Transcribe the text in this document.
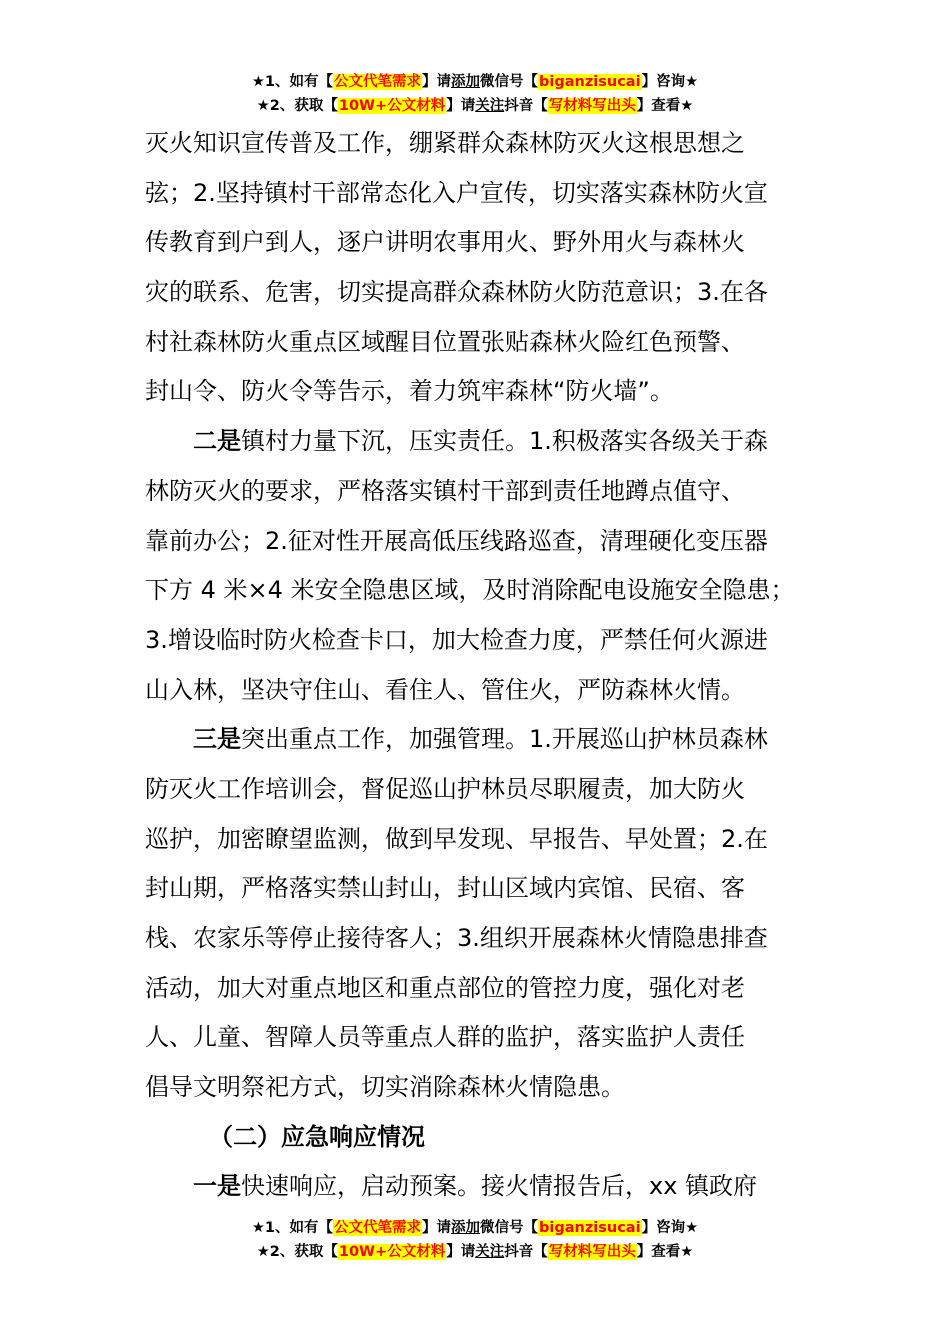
★1、如有【公文代笔需求】请添加微信号【biganzisucai】咨询★
★2、获取【10W+公文材料】请关注抖音【写材料写出头】查看★
灭火知识宣传普及工作，绷紧群众森林防灭火这根思想之
弦；2.坚持镇村干部常态化入户宣传，切实落实森林防火宣
传教育到户到人，逐户讲明农事用火、野外用火与森林火
灾的联系、危害，切实提高群众森林防火防范意识；3.在各
村社森林防火重点区域醒目位置张贴森林火险红色预警、
封山令、防火令等告示，着力筑牢森林“防火墙”。
二是镇村力量下沉，压实责任。1.积极落实各级关于森
林防灭火的要求，严格落实镇村干部到责任地蹲点值守、
靠前办公；2.征对性开展高低压线路巡查，清理硬化变压器
下方 4 米×4 米安全隐患区域，及时消除配电设施安全隐患；
3.增设临时防火检查卡口，加大检查力度，严禁任何火源进
山入林，坚决守住山、看住人、管住火，严防森林火情。
三是突出重点工作，加强管理。1.开展巡山护林员森林
防灭火工作培训会，督促巡山护林员尽职履责，加大防火
巡护，加密瞭望监测，做到早发现、早报告、早处置；2.在
封山期，严格落实禁山封山，封山区域内宾馆、民宿、客
栈、农家乐等停止接待客人；3.组织开展森林火情隐患排查
活动，加大对重点地区和重点部位的管控力度，强化对老
人、儿童、智障人员等重点人群的监护，落实监护人责任
倡导文明祭祀方式，切实消除森林火情隐患。
（二）应急响应情况
一是快速响应，启动预案。接火情报告后，xx 镇政府
★1、如有【公文代笔需求】请添加微信号【biganzisucai】咨询★
★2、获取【10W+公文材料】请关注抖音【写材料写出头】查看★
